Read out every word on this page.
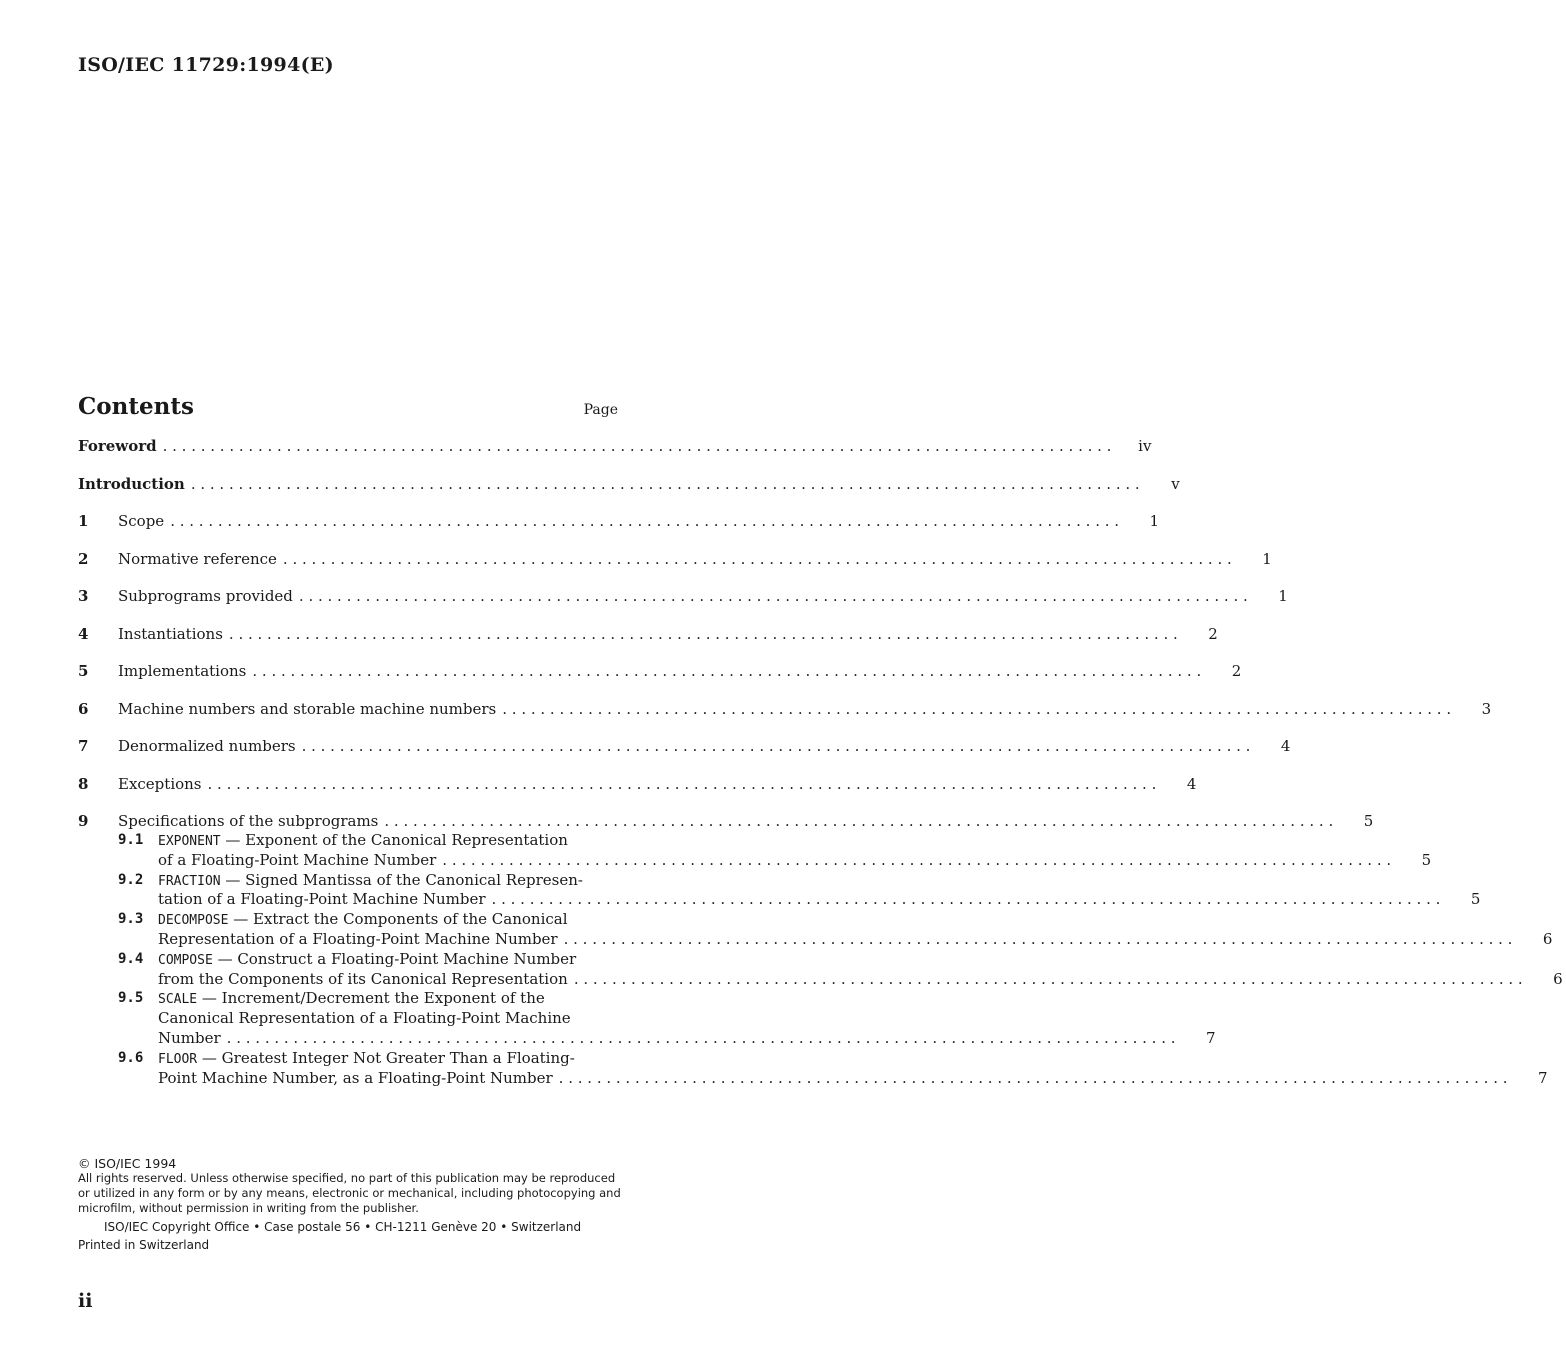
ISO/IEC 11729:1994(E)
Contents	Page
Foreword . . .	iv
Introduction . . .	v
1	Scope . . .	1
2	Normative reference . . .	1
3	Subprograms provided . . .	1
4	Instantiations . . .	2
5	Implementations . . .	2
6	Machine numbers and storable machine numbers . . .	3
7	Denormalized numbers . . .	4
8	Exceptions . . .	4
9	Specifications of the subprograms . . .	5
9.1	EXPONENT — Exponent of the Canonical Representation
of a Floating-Point Machine Number . . .	5
9.2	FRACTION — Signed Mantissa of the Canonical Represen-
tation of a Floating-Point Machine Number . . .	5
9.3	DECOMPOSE — Extract the Components of the Canonical
Representation of a Floating-Point Machine Number . . .	6
9.4	COMPOSE — Construct a Floating-Point Machine Number
from the Components of its Canonical Representation . . .	6
9.5	SCALE — Increment/Decrement the Exponent of the
Canonical Representation of a Floating-Point Machine
Number . . .	7
9.6	FLOOR — Greatest Integer Not Greater Than a Floating-
Point Machine Number, as a Floating-Point Number . . .	7
© ISO/IEC 1994
All rights reserved. Unless otherwise specified, no part of this publication may be reproduced or utilized in any form or by any means, electronic or mechanical, including photocopying and microfilm, without permission in writing from the publisher.
ISO/IEC Copyright Office • Case postale 56 • CH-1211 Genève 20 • Switzerland
Printed in Switzerland
ii
